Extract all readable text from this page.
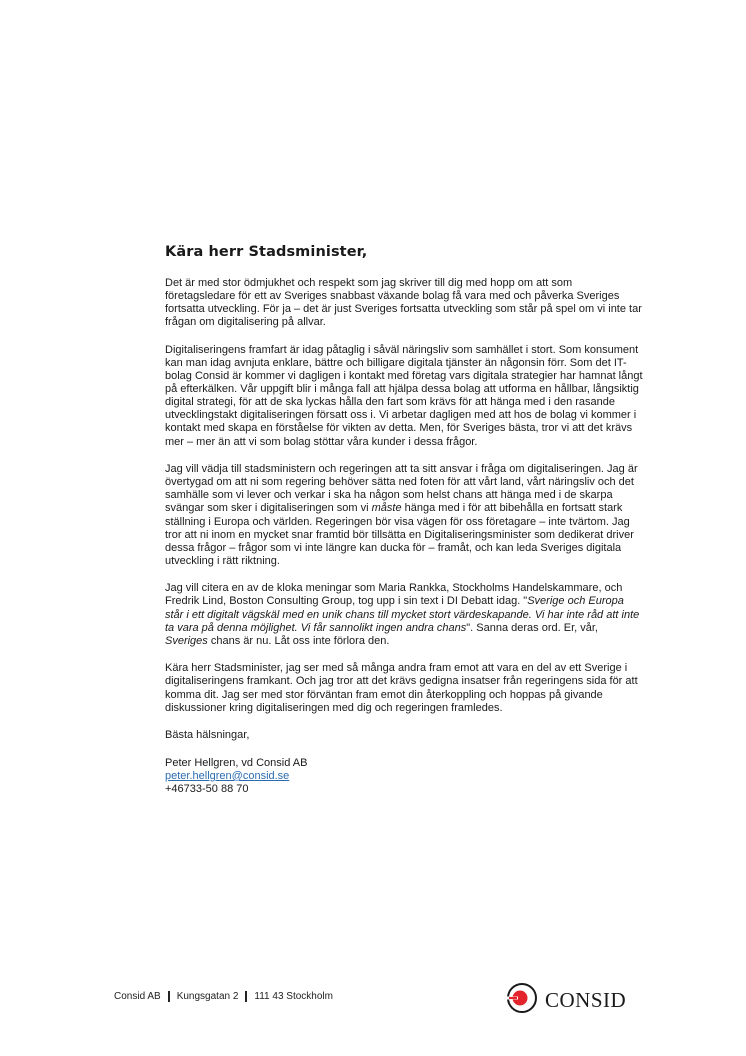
Kära herr Stadsminister,

Det är med stor ödmjukhet och respekt som jag skriver till dig med hopp om att som företagsledare för ett av Sveriges snabbast växande bolag få vara med och påverka Sveriges fortsatta utveckling. För ja – det är just Sveriges fortsatta utveckling som står på spel om vi inte tar frågan om digitalisering på allvar.

Digitaliseringens framfart är idag påtaglig i såväl näringsliv som samhället i stort. Som konsument kan man idag avnjuta enklare, bättre och billigare digitala tjänster än någonsin förr. Som det IT-bolag Consid är kommer vi dagligen i kontakt med företag vars digitala strategier har hamnat långt på efterkälken. Vår uppgift blir i många fall att hjälpa dessa bolag att utforma en hållbar, långsiktig digital strategi, för att de ska lyckas hålla den fart som krävs för att hänga med i den rasande utvecklingstakt digitaliseringen försatt oss i. Vi arbetar dagligen med att hos de bolag vi kommer i kontakt med skapa en förståelse för vikten av detta. Men, för Sveriges bästa, tror vi att det krävs mer – mer än att vi som bolag stöttar våra kunder i dessa frågor.

Jag vill vädja till stadsministern och regeringen att ta sitt ansvar i fråga om digitaliseringen. Jag är övertygad om att ni som regering behöver sätta ned foten för att vårt land, vårt näringsliv och det samhälle som vi lever och verkar i ska ha någon som helst chans att hänga med i de skarpa svängar som sker i digitaliseringen som vi måste hänga med i för att bibehålla en fortsatt stark ställning i Europa och världen. Regeringen bör visa vägen för oss företagare – inte tvärtom. Jag tror att ni inom en mycket snar framtid bör tillsätta en Digitaliseringsminister som dedikerat driver dessa frågor – frågor som vi inte längre kan ducka för – framåt, och kan leda Sveriges digitala utveckling i rätt riktning.

Jag vill citera en av de kloka meningar som Maria Rankka, Stockholms Handelskammare, och Fredrik Lind, Boston Consulting Group, tog upp i sin text i DI Debatt idag. "Sverige och Europa står i ett digitalt vägskäl med en unik chans till mycket stort värdeskapande. Vi har inte råd att inte ta vara på denna möjlighet. Vi får sannolikt ingen andra chans". Sanna deras ord. Er, vår, Sveriges chans är nu. Låt oss inte förlora den.

Kära herr Stadsminister, jag ser med så många andra fram emot att vara en del av ett Sverige i digitaliseringens framkant. Och jag tror att det krävs gedigna insatser från regeringens sida för att komma dit. Jag ser med stor förväntan fram emot din återkoppling och hoppas på givande diskussioner kring digitaliseringen med dig och regeringen framledes.

Bästa hälsningar,

Peter Hellgren, vd Consid AB
peter.hellgren@consid.se
+46733-50 88 70
Consid AB Kungsgatan 2 111 43 Stockholm	CONSID
